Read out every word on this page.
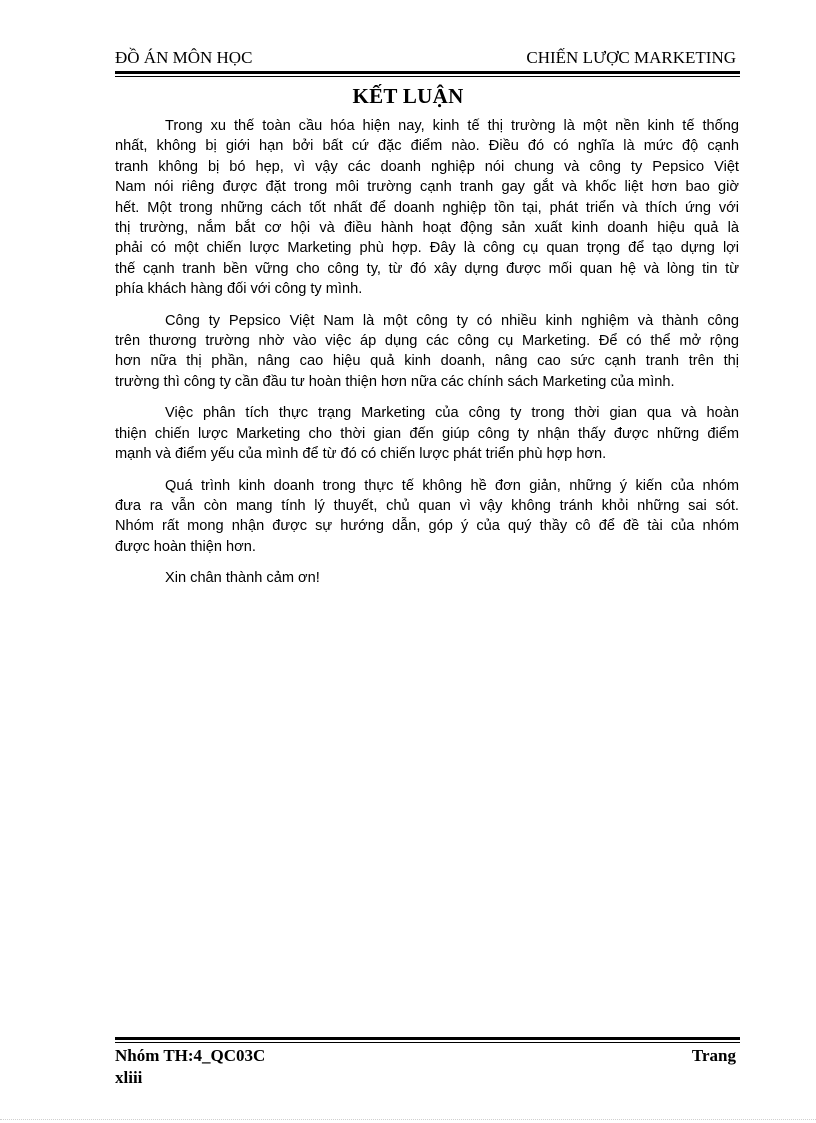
ĐỒ ÁN MÔN HỌC	CHIẾN LƯỢC MARKETING
KẾT LUẬN
Trong xu thế toàn cầu hóa hiện nay, kinh tế thị trường là một nền kinh tế thống
nhất, không bị giới hạn bởi bất cứ đặc điểm nào. Điều đó có nghĩa là mức độ cạnh
tranh không bị bó hẹp, vì vậy các doanh nghiệp nói chung và công ty Pepsico Việt
Nam nói riêng được đặt trong môi trường cạnh tranh gay gắt và khốc liệt hơn bao giờ
hết. Một trong những cách tốt nhất để doanh nghiệp tồn tại, phát triển và thích ứng với
thị trường, nắm bắt cơ hội và điều hành hoạt động sản xuất kinh doanh hiệu quả là
phải có một chiến lược Marketing phù hợp. Đây là công cụ quan trọng để tạo dựng lợi
thế cạnh tranh bền vững cho công ty, từ đó xây dựng được mối quan hệ và lòng tin từ
phía khách hàng đối với công ty mình.
Công ty Pepsico Việt Nam là một công ty có nhiều kinh nghiệm và thành công
trên thương trường nhờ vào việc áp dụng các công cụ Marketing. Để có thể mở rộng
hơn nữa thị phần, nâng cao hiệu quả kinh doanh, nâng cao sức cạnh tranh trên thị
trường thì công ty cần đầu tư hoàn thiện hơn nữa các chính sách Marketing của mình.
Việc phân tích thực trạng Marketing của công ty trong thời gian qua và hoàn
thiện chiến lược Marketing cho thời gian đến giúp công ty nhận thấy được những điểm
mạnh và điểm yếu của mình để từ đó có chiến lược phát triển phù hợp hơn.
Quá trình kinh doanh trong thực tế không hề đơn giản, những ý kiến của nhóm
đưa ra vẫn còn mang tính lý thuyết, chủ quan vì vậy không tránh khỏi những sai sót.
Nhóm rất mong nhận được sự hướng dẫn, góp ý của quý thầy cô để đề tài của nhóm
được hoàn thiện hơn.
Xin chân thành cảm ơn!
Nhóm TH:4_QC03C	Trang
xliii
